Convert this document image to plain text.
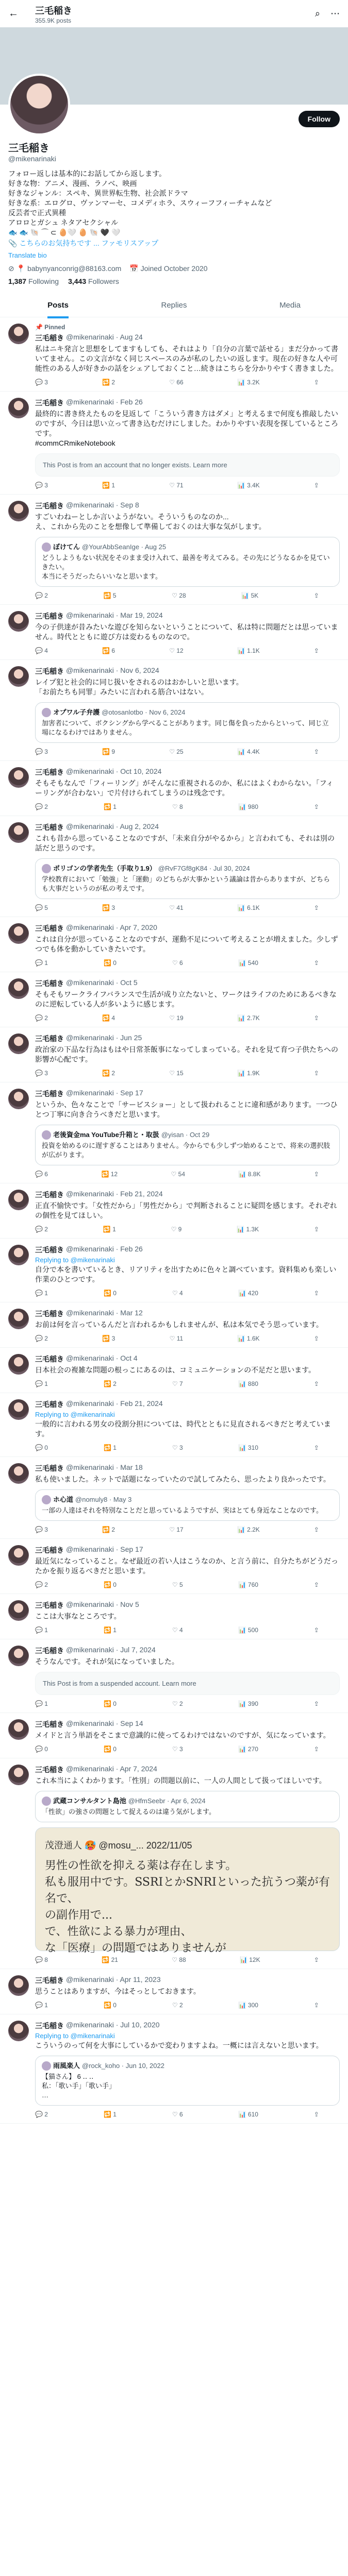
←	三毛稲き
355.9K posts
⌕ ⋯
Follow
三毛稲き
@mikenarinaki
フォロー返しは基本的にお話してから返します。
好きな物：アニメ、漫画、ラノベ、映画
好きなジャンル：スペキ、異世界転生物、社会派ドラマ
好きな系：エログロ、ヴァンマーセ、コメディホラ、スウィーフフィーチャムなど
反芸者で正式異種
アロロとガシュ ネタアセクシャル
🐟 🐟 🐚 ⌒ ⊂ 🥚🤍 🥚 🐚 🖤 🤍
📎 こちらのお気持ちです ... ファモリスアップ
Translate bio
⊘ 📍 babynyanconrig@88163.com 📅 Joined October 2020
1,387 Following 3,443 Followers
Posts	Replies	Media
📌 Pinned
三毛稲き @mikenarinaki · Aug 24
私はニキ発言と思想をしてますもしても、それはより「自分の言葉で話せる」まだ分かって書いてません。この文言がなく同じスペースのみが私のしたいの返します。現在の好きな人や可能性のある人が好きかの話をシェアしておくこと…続きはこちらを分かりやすく書きました。
💬 3	🔁 2	♡ 66	📊 3.2K	⇪
三毛稲き @mikenarinaki · Feb 26
最終的に書き終えたものを見返して「こういう書き方はダメ」と考えるまで何度も推敲したいのですが、今日は思い立って書き込むだけにしました。わかりやすい表現を探しているところです。
#commCRmikeNotebook
This Post is from an account that no longer exists. Learn more
💬 3	🔁 1	♡ 71	📊 3.4K	⇪
三毛稲き @mikenarinaki · Sep 8
すごいわねーとしか言いようがない。そういうものなのか...
え、これから先のことを想像して準備しておくのは大事な気がします。
ぼけてん @YourAbbSeanIge · Aug 25
どうしようもない状況をそのまま受け入れて、最善を考えてみる。その先にどうなるかを見ていきたい。
本当にそうだったらいいなと思います。
💬 2	🔁 5	♡ 28	📊 5K	⇪
三毛稲き @mikenarinaki · Mar 19, 2024
今の子供達が昔みたいな遊びを知らないということについて、私は特に問題だとは思っていません。時代とともに遊び方は変わるものなので。
💬 4	🔁 6	♡ 12	📊 1.1K	⇪
三毛稲き @mikenarinaki · Nov 6, 2024
レイプ犯と社会的に同じ扱いをされるのはおかしいと思います。
「お前たちも同罪」みたいに言われる筋合いはない。
オプワル子弁護 @otosanlotbo · Nov 6, 2024
加害者について、ボクシングから学べることがあります。同じ傷を負ったからといって、同じ立場になるわけではありません。
💬 3	🔁 9	♡ 25	📊 4.4K	⇪
三毛稲き @mikenarinaki · Oct 10, 2024
そもそもなんで「フィーリング」がそんなに重視されるのか、私にはよくわからない。「フィーリングが合わない」で片付けられてしまうのは残念です。
💬 2	🔁 1	♡ 8	📊 980	⇪
三毛稲き @mikenarinaki · Aug 2, 2024
これも昔から思っていることなのですが、「未来自分がやるから」と言われても、それは別の話だと思うのです。
ポリゴンの学者先生（手取り1.9） @RvF7Gf8gK84 · Jul 30, 2024
学校教育において「勉強」と「運動」のどちらが大事かという議論は昔からありますが、どちらも大事だというのが私の考えです。
💬 5	🔁 3	♡ 41	📊 6.1K	⇪
三毛稲き @mikenarinaki · Apr 7, 2020
これは自分が思っていることなのですが、運動不足について考えることが増えました。少しずつでも体を動かしていきたいです。
💬 1	🔁 0	♡ 6	📊 540	⇪
三毛稲き @mikenarinaki · Oct 5
そもそもワークライフバランスで生活が成り立たないと、ワークはライフのためにあるべきなのに逆転している人が多いように感じます。
💬 2	🔁 4	♡ 19	📊 2.7K	⇪
三毛稲き @mikenarinaki · Jun 25
政治家の下品な行為はもはや日常茶飯事になってしまっている。それを見て育つ子供たちへの影響が心配です。
💬 3	🔁 2	♡ 15	📊 1.9K	⇪
三毛稲き @mikenarinaki · Sep 17
というか、色々なことで「サービスショー」として扱われることに違和感があります。一つひとつ丁寧に向き合うべきだと思います。
老後資金ma YouTube升箱と・取扱 @yisan · Oct 29
投資を始めるのに遅すぎることはありません。今からでも少しずつ始めることで、将来の選択肢が広がります。
💬 6	🔁 12	♡ 54	📊 8.8K	⇪
三毛稲き @mikenarinaki · Feb 21, 2024
正直不愉快です。「女性だから」「男性だから」で判断されることに疑問を感じます。それぞれの個性を見てほしい。
💬 2	🔁 1	♡ 9	📊 1.3K	⇪
三毛稲き @mikenarinaki · Feb 26
Replying to @mikenarinaki
自分で本を書いているとき、リアリティを出すために色々と調べています。資料集めも楽しい作業のひとつです。
💬 1	🔁 0	♡ 4	📊 420	⇪
三毛稲き @mikenarinaki · Mar 12
お前は何を言っているんだと言われるかもしれませんが、私は本気でそう思っています。
💬 2	🔁 3	♡ 11	📊 1.6K	⇪
三毛稲き @mikenarinaki · Oct 4
日本社会の複雑な問題の根っこにあるのは、コミュニケーションの不足だと思います。
💬 1	🔁 2	♡ 7	📊 880	⇪
三毛稲き @mikenarinaki · Feb 21, 2024
Replying to @mikenarinaki
一般的に言われる男女の役割分担については、時代とともに見直されるべきだと考えています。
💬 0	🔁 1	♡ 3	📊 310	⇪
三毛稲き @mikenarinaki · Mar 18
私も使いました。ネットで話題になっていたので試してみたら、思ったより良かったです。
ホ心道 @nomuly8 · May 3
一部の人達はそれを特別なことだと思っているようですが、実はとても身近なことなのです。
💬 3	🔁 2	♡ 17	📊 2.2K	⇪
三毛稲き @mikenarinaki · Sep 17
最近気になっていること。なぜ最近の若い人はこうなのか、と言う前に、自分たちがどうだったかを振り返るべきだと思います。
💬 2	🔁 0	♡ 5	📊 760	⇪
三毛稲き @mikenarinaki · Nov 5
ここは大事なところです。
💬 1	🔁 1	♡ 4	📊 500	⇪
三毛稲き @mikenarinaki · Jul 7, 2024
そうなんです。それが気になっていました。
This Post is from a suspended account. Learn more
💬 1	🔁 0	♡ 2	📊 390	⇪
三毛稲き @mikenarinaki · Sep 14
メイドと言う単語をそこまで意識的に使ってるわけではないのですが、気になっています。
💬 0	🔁 0	♡ 3	📊 270	⇪
三毛稲き @mikenarinaki · Apr 7, 2024
これ本当によくわかります。「性別」の問題以前に、一人の人間として扱ってほしいです。
武蔵コンサルタント島池 @HfmSeebr · Apr 6, 2024
「性欲」の強さの問題として捉えるのは違う気がします。
茂澄通人 🥵 @mosu_... 2022/11/05
男性の性欲を抑える薬は存在します。
私も服用中です。SSRIとかSNRIといった抗うつ薬が有名で、
の副作用で...
で、性欲による暴力が理由、
な「医療」の問題ではありませんが
💬 8	🔁 21	♡ 88	📊 12K	⇪
三毛稲き @mikenarinaki · Apr 11, 2023
思うことはありますが、今はそっとしておきます。
💬 1	🔁 0	♡ 2	📊 300	⇪
三毛稲き @mikenarinaki · Jul 10, 2020
Replying to @mikenarinaki
こういうのって何を大事にしているかで変わりますよね。一概には言えないと思います。
雨風楽人 @rock_koho · Jun 10, 2022
【猫さん】 6 ‥ ‥
私：「歌い手」「歌い手」
…
💬 2	🔁 1	♡ 6	📊 610	⇪
